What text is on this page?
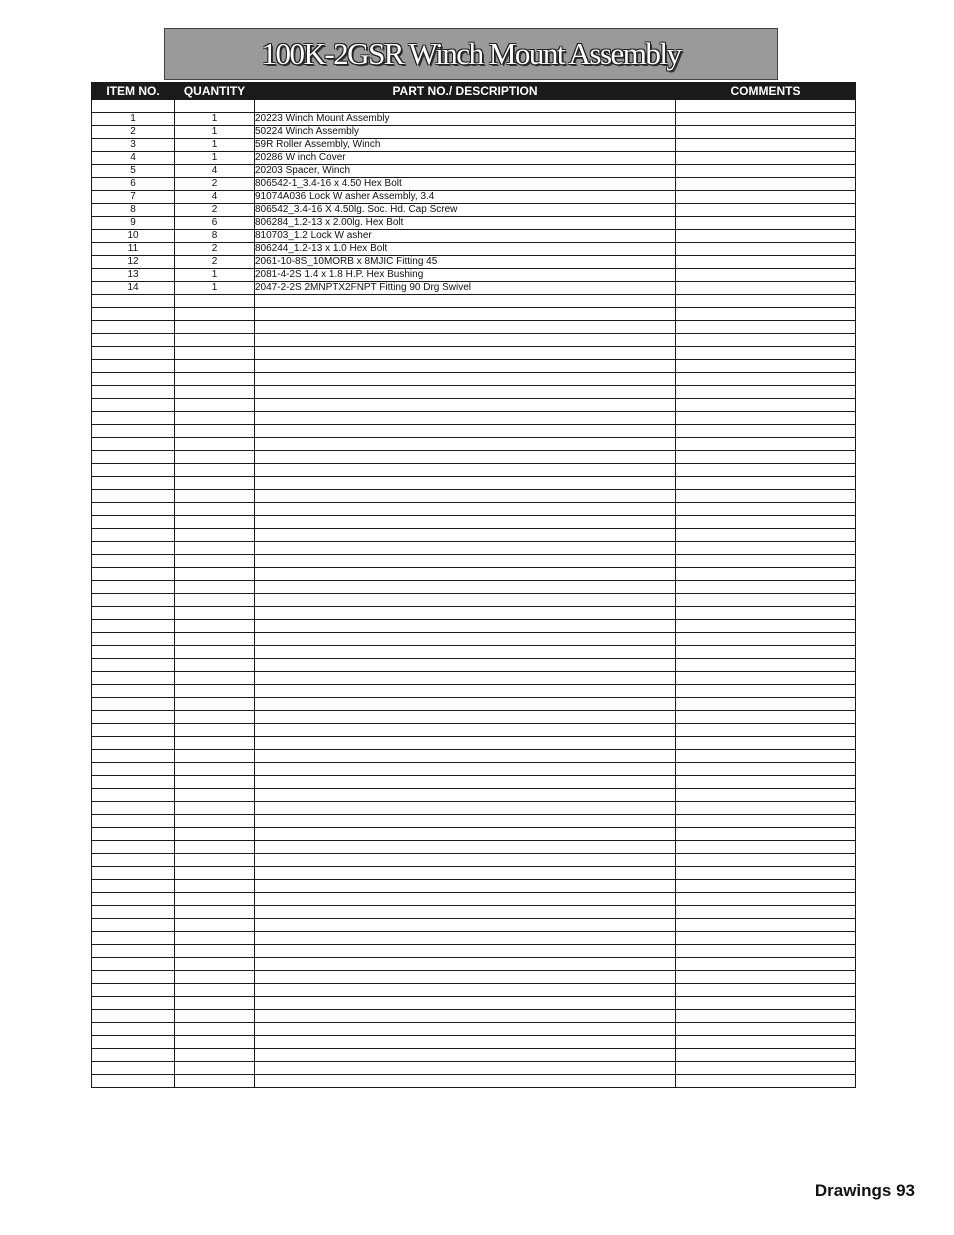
100K-2GSR Winch Mount Assembly
ITEM NO.	QUANTITY	PART NO./ DESCRIPTION	COMMENTS

1	1	20223 Winch Mount Assembly	
2	1	50224 Winch Assembly	
3	1	59R Roller Assembly, Winch	
4	1	20286 W inch Cover	
5	4	20203 Spacer, Winch	
6	2	806542-1_3.4-16 x 4.50 Hex Bolt	
7	4	91074A036 Lock W asher Assembly, 3.4	
8	2	806542_3.4-16 X 4.50lg. Soc. Hd. Cap Screw	
9	6	806284_1.2-13 x 2.00lg. Hex Bolt	
10	8	810703_1.2 Lock W asher	
11	2	806244_1.2-13 x 1.0 Hex Bolt	
12	2	2061-10-8S_10MORB x 8MJIC Fitting 45	
13	1	2081-4-2S 1.4 x 1.8 H.P. Hex Bushing	
14	1	2047-2-2S 2MNPTX2FNPT Fitting 90 Drg Swivel	

Drawings 93
